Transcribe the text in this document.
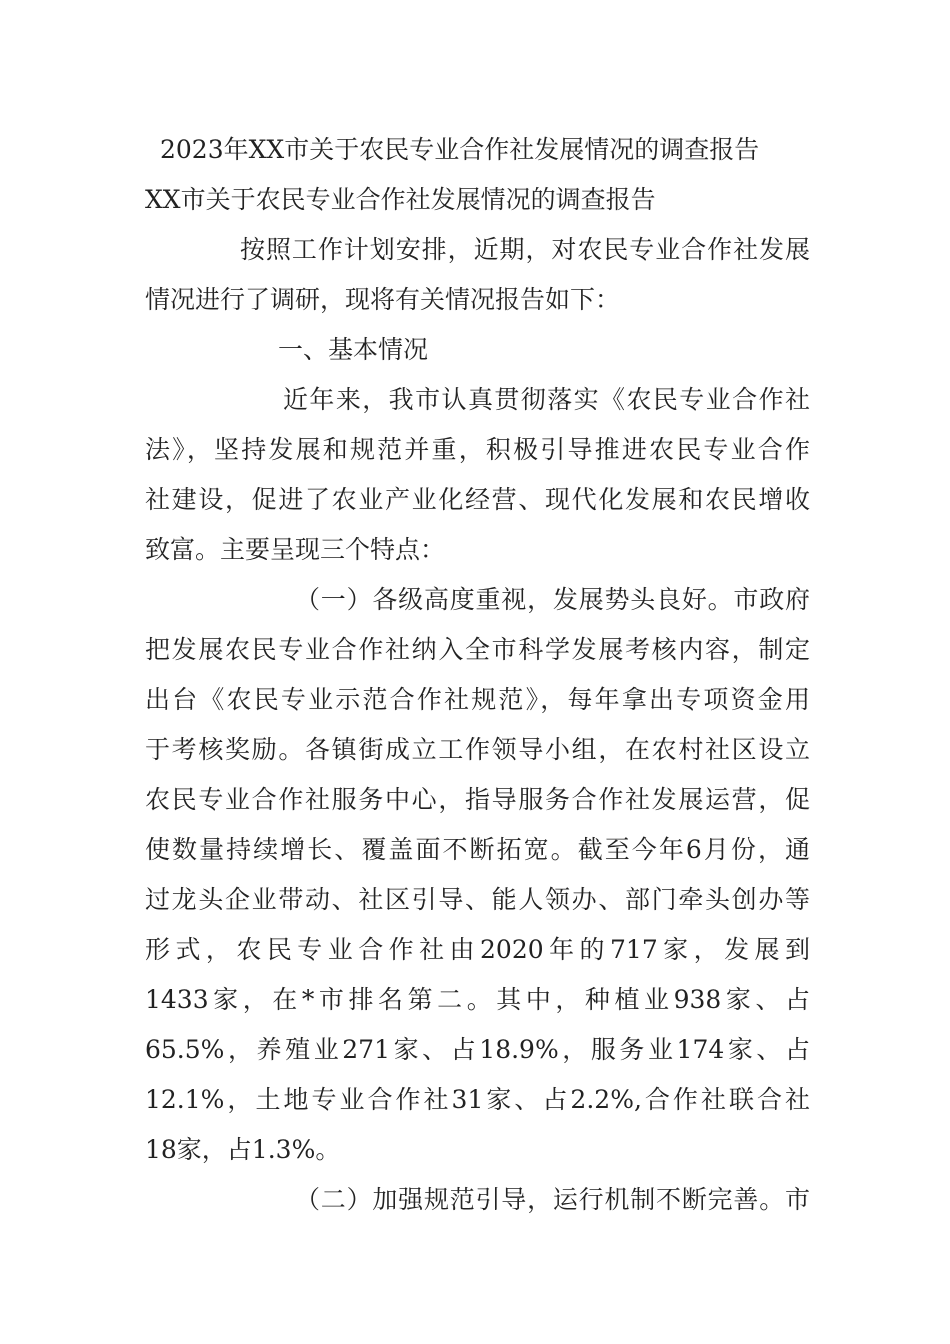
2023年XX市关于农民专业合作社发展情况的调查报告
XX市关于农民专业合作社发展情况的调查报告

按照工作计划安排，近期，对农民专业合作社发展

情况进行了调研，现将有关情况报告如下：

一、基本情况

近年来，我市认真贯彻落实《农民专业合作社

法》，坚持发展和规范并重，积极引导推进农民专业合作

社建设，促进了农业产业化经营、现代化发展和农民增收

致富。主要呈现三个特点：

（一）各级高度重视，发展势头良好。市政府

把发展农民专业合作社纳入全市科学发展考核内容，制定

出台《农民专业示范合作社规范》，每年拿出专项资金用

于考核奖励。各镇街成立工作领导小组，在农村社区设立

农民专业合作社服务中心，指导服务合作社发展运营，促

使数量持续增长、覆盖面不断拓宽。截至今年6月份，通

过龙头企业带动、社区引导、能人领办、部门牵头创办等

形式，农民专业合作社由2020年的717家，发展到

1433家，在*市排名第二。其中，种植业938家、占

65.5%，养殖业271家、占18.9%，服务业174家、占

12.1%，土地专业合作社31家、占2.2%,合作社联合社

18家，占1.3%。

（二）加强规范引导，运行机制不断完善。市
